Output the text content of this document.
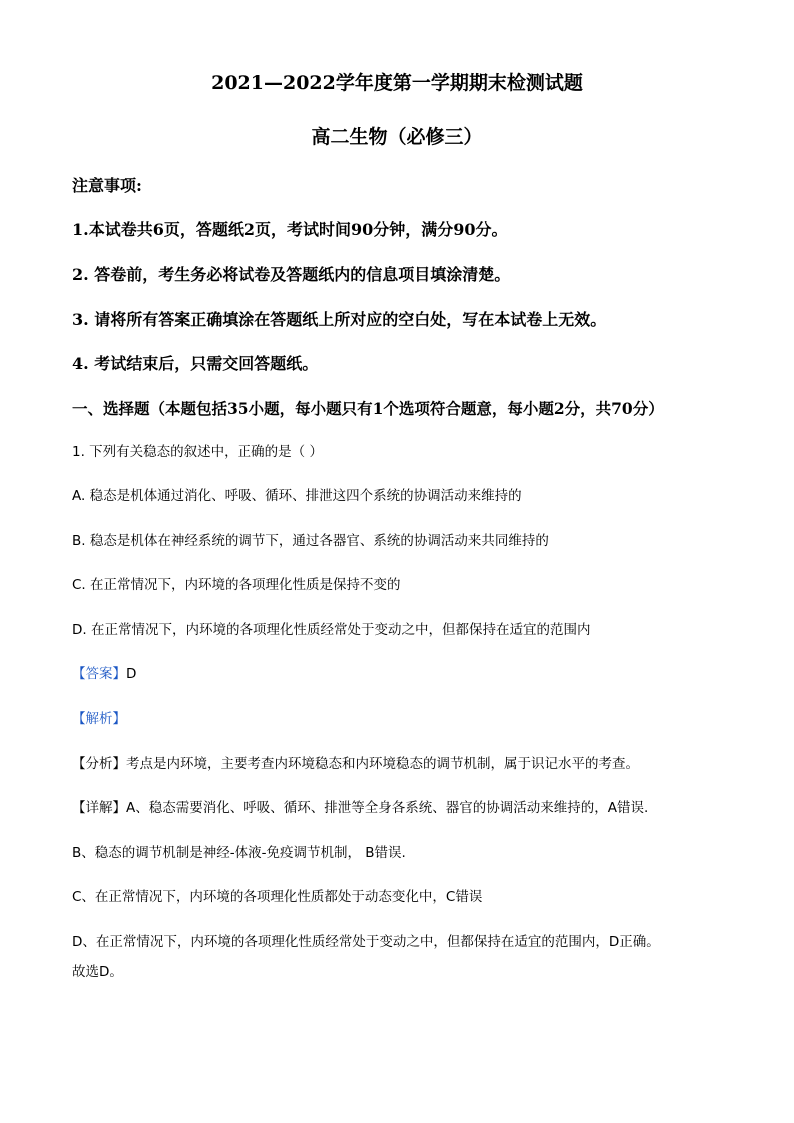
2021—2022学年度第一学期期末检测试题
高二生物（必修三）
注意事项:
1.本试卷共6页，答题纸2页，考试时间90分钟，满分90分。
2. 答卷前，考生务必将试卷及答题纸内的信息项目填涂清楚。
3. 请将所有答案正确填涂在答题纸上所对应的空白处，写在本试卷上无效。
4. 考试结束后，只需交回答题纸。
一、选择题（本题包括35小题，每小题只有1个选项符合题意，每小题2分，共70分）
1. 下列有关稳态的叙述中，正确的是（ ）
A. 稳态是机体通过消化、呼吸、循环、排泄这四个系统的协调活动来维持的
B. 稳态是机体在神经系统的调节下，通过各器官、系统的协调活动来共同维持的
C. 在正常情况下，内环境的各项理化性质是保持不变的
D. 在正常情况下，内环境的各项理化性质经常处于变动之中，但都保持在适宜的范围内
【答案】D
【解析】
【分析】考点是内环境，主要考查内环境稳态和内环境稳态的调节机制，属于识记水平的考查。
【详解】A、稳态需要消化、呼吸、循环、排泄等全身各系统、器官的协调活动来维持的，A错误.
B、稳态的调节机制是神经-体液-免疫调节机制， B错误.
C、在正常情况下，内环境的各项理化性质都处于动态变化中，C错误
D、在正常情况下，内环境的各项理化性质经常处于变动之中，但都保持在适宜的范围内，D正确。
故选D。
